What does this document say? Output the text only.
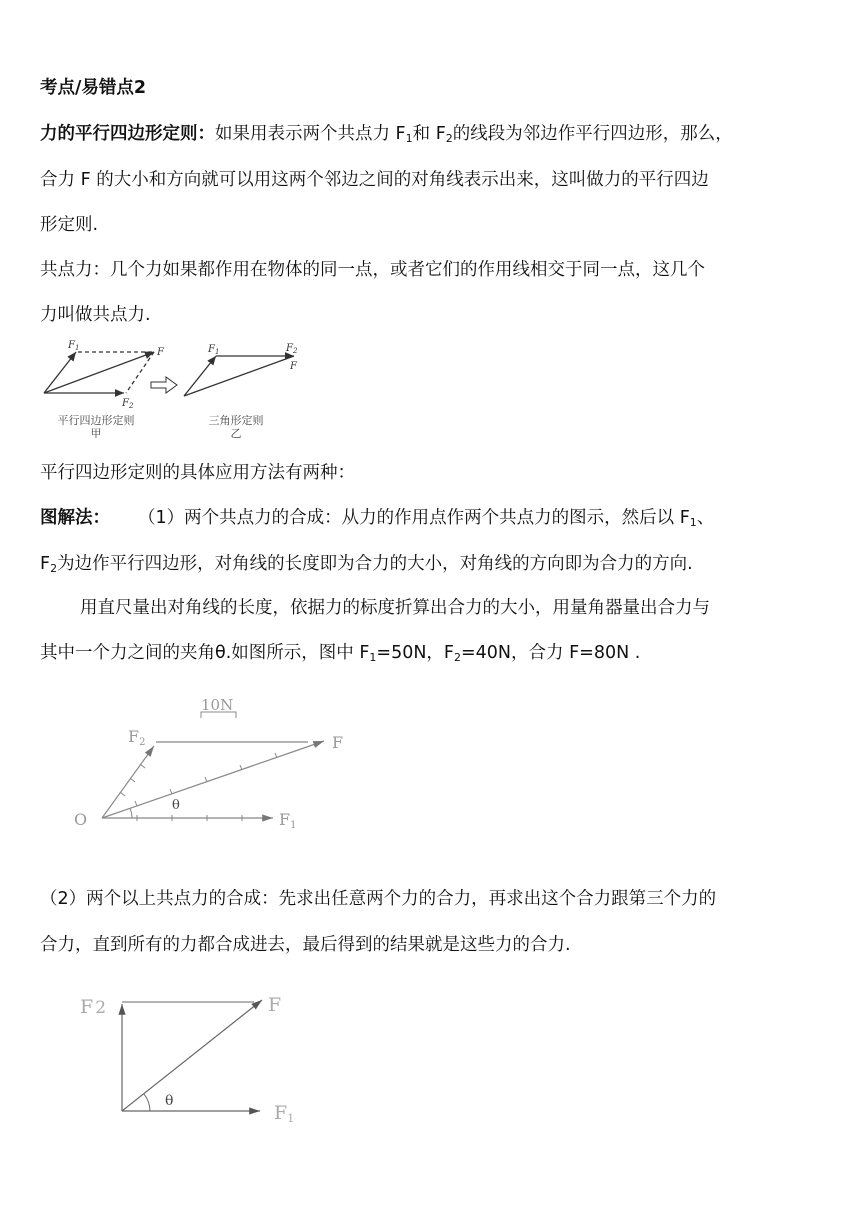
考点/易错点2

力的平行四边形定则：如果用表示两个共点力 $F_1$和 $F_2$的线段为邻边作平行四边形，那么，

合力 F 的大小和方向就可以用这两个邻边之间的对角线表示出来，这叫做力的平行四边

形定则.

共点力：几个力如果都作用在物体的同一点，或者它们的作用线相交于同一点，这几个

力叫做共点力.

$F_1$	F
$F_2$
$F_1$	$F_2$
F
平行四边形定则
甲
三角形定则
乙

平行四边形定则的具体应用方法有两种：

图解法： （1）两个共点力的合成：从力的作用点作两个共点力的图示，然后以 $F_1$、

$F_2$为边作平行四边形，对角线的长度即为合力的大小，对角线的方向即为合力的方向.

用直尺量出对角线的长度，依据力的标度折算出合力的大小，用量角器量出合力与

其中一个力之间的夹角θ.如图所示，图中 $F_1=50N$，$F_2=40N$，合力 F=80N .

10N
F2	F
F1
O
θ

（2）两个以上共点力的合成：先求出任意两个力的合力，再求出这个合力跟第三个力的

合力，直到所有的力都合成进去，最后得到的结果就是这些力的合力.

F 2	F
F1
θ
